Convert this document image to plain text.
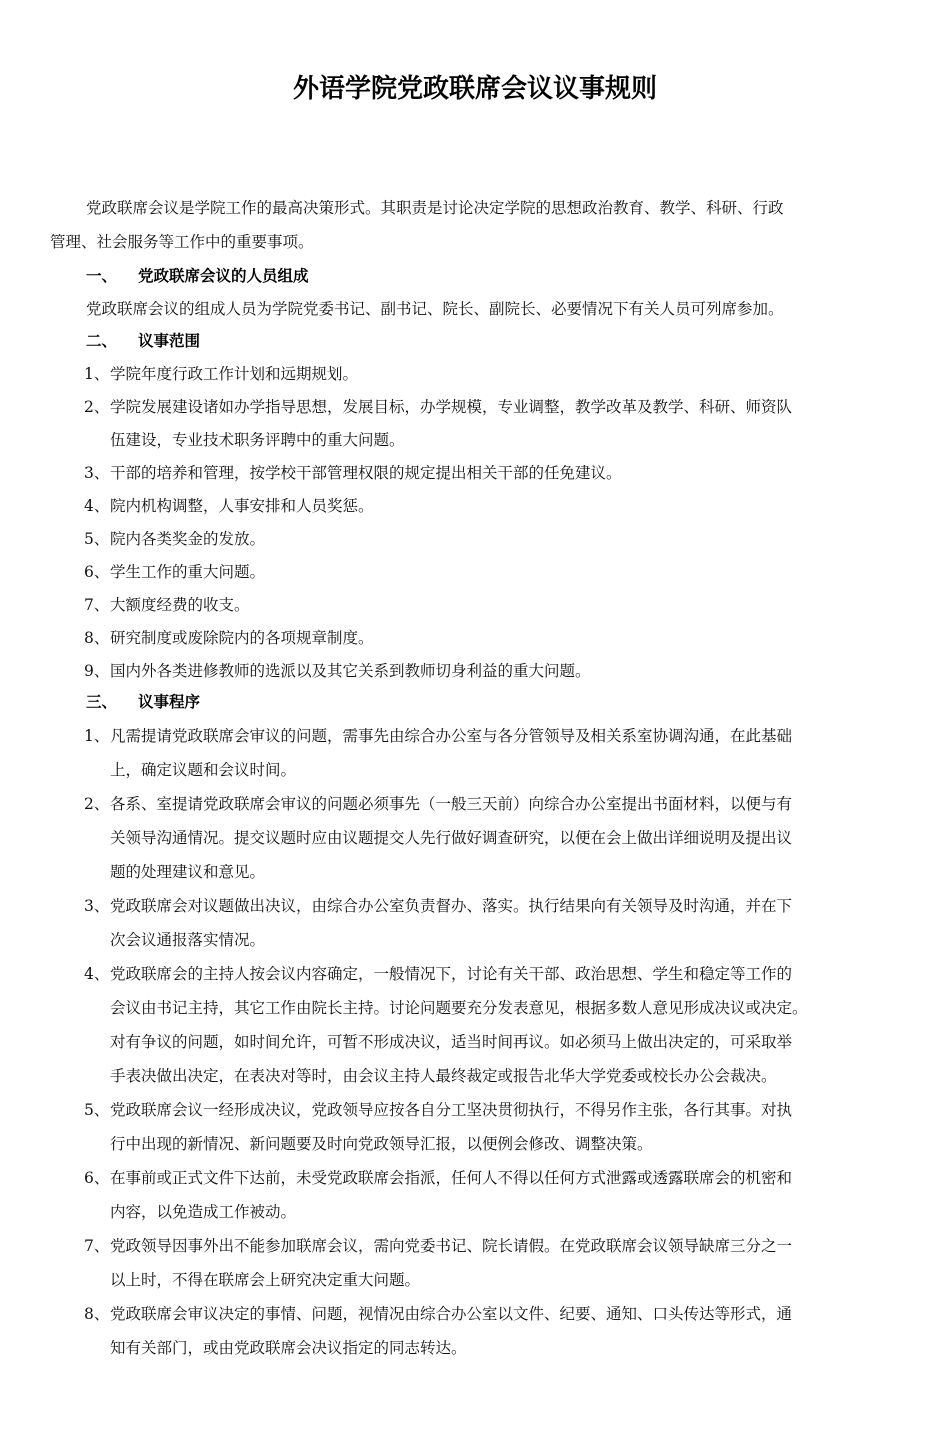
外语学院党政联席会议议事规则
党政联席会议是学院工作的最高决策形式。其职责是讨论决定学院的思想政治教育、教学、科研、行政
管理、社会服务等工作中的重要事项。
一、 党政联席会议的人员组成
党政联席会议的组成人员为学院党委书记、副书记、院长、副院长、必要情况下有关人员可列席参加。
二、 议事范围
1、 学院年度行政工作计划和远期规划。
2、 学院发展建设诸如办学指导思想，发展目标，办学规模，专业调整，教学改革及教学、科研、师资队
伍建设，专业技术职务评聘中的重大问题。
3、 干部的培养和管理，按学校干部管理权限的规定提出相关干部的任免建议。
4、 院内机构调整，人事安排和人员奖惩。
5、 院内各类奖金的发放。
6、 学生工作的重大问题。
7、 大额度经费的收支。
8、 研究制度或废除院内的各项规章制度。
9、 国内外各类进修教师的选派以及其它关系到教师切身利益的重大问题。
三、 议事程序
1、 凡需提请党政联席会审议的问题，需事先由综合办公室与各分管领导及相关系室协调沟通，在此基础
上，确定议题和会议时间。
2、 各系、室提请党政联席会审议的问题必须事先（一般三天前）向综合办公室提出书面材料，以便与有
关领导沟通情况。提交议题时应由议题提交人先行做好调查研究，以便在会上做出详细说明及提出议
题的处理建议和意见。
3、 党政联席会对议题做出决议，由综合办公室负责督办、落实。执行结果向有关领导及时沟通，并在下
次会议通报落实情况。
4、 党政联席会的主持人按会议内容确定，一般情况下，讨论有关干部、政治思想、学生和稳定等工作的
会议由书记主持，其它工作由院长主持。讨论问题要充分发表意见，根据多数人意见形成决议或决定。
对有争议的问题，如时间允许，可暂不形成决议，适当时间再议。如必须马上做出决定的，可采取举
手表决做出决定，在表决对等时，由会议主持人最终裁定或报告北华大学党委或校长办公会裁决。
5、 党政联席会议一经形成决议，党政领导应按各自分工坚决贯彻执行，不得另作主张，各行其事。对执
行中出现的新情况、新问题要及时向党政领导汇报，以便例会修改、调整决策。
6、 在事前或正式文件下达前，未受党政联席会指派，任何人不得以任何方式泄露或透露联席会的机密和
内容，以免造成工作被动。
7、 党政领导因事外出不能参加联席会议，需向党委书记、院长请假。在党政联席会议领导缺席三分之一
以上时，不得在联席会上研究决定重大问题。
8、 党政联席会审议决定的事情、问题，视情况由综合办公室以文件、纪要、通知、口头传达等形式，通
知有关部门，或由党政联席会决议指定的同志转达。
